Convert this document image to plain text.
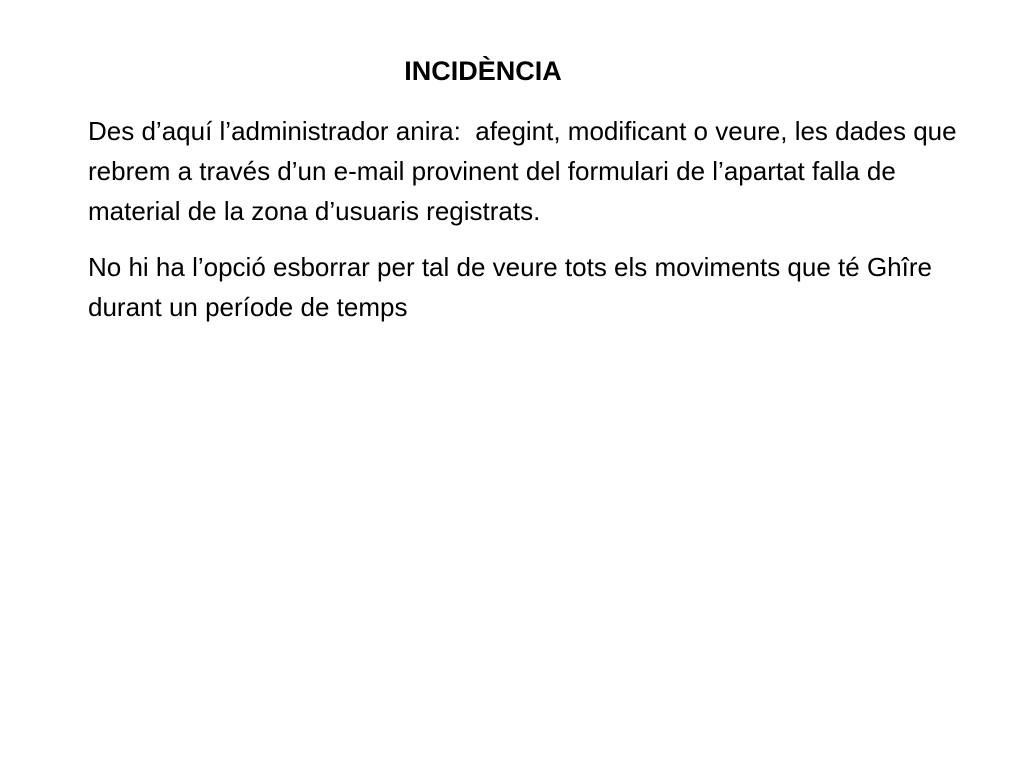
INCIDÈNCIA

Des d’aquí l’administrador anira:  afegint, modificant o veure, les dades que rebrem a través d’un e-mail provinent del formulari de l’apartat falla de material de la zona d’usuaris registrats.

No hi ha l’opció esborrar per tal de veure tots els moviments que té Ghîre durant un període de temps
